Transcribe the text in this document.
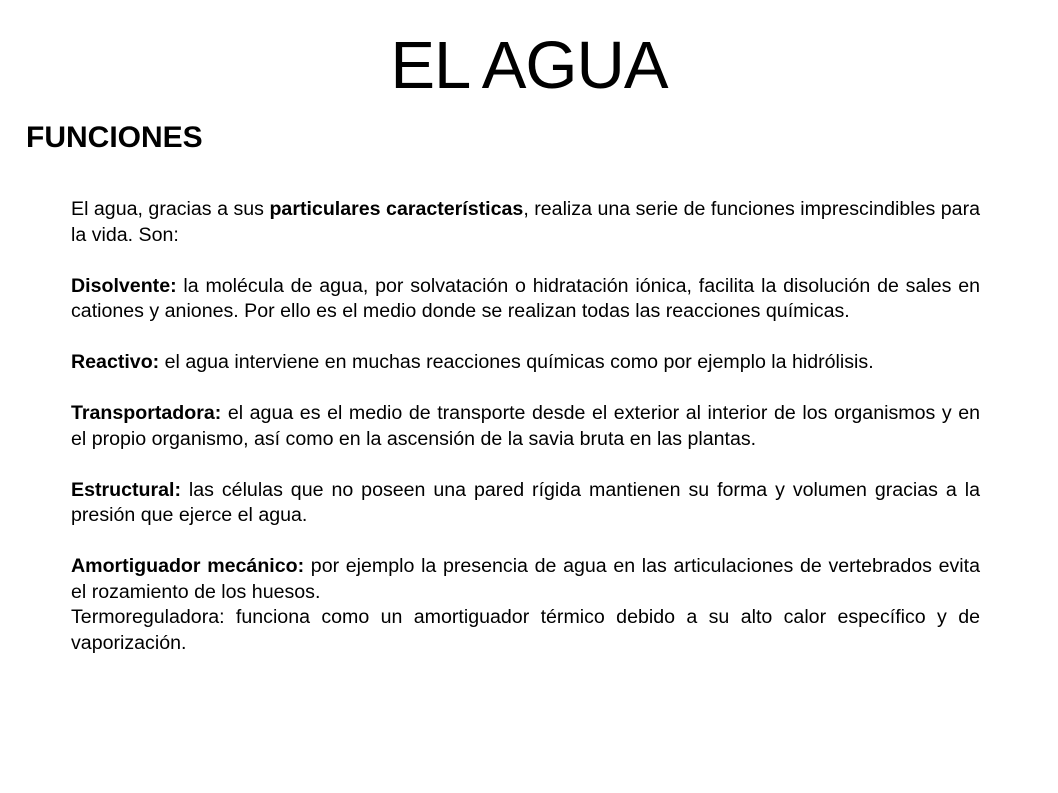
EL AGUA
FUNCIONES

El agua, gracias a sus particulares características, realiza una serie de funciones imprescindibles para la vida. Son:

Disolvente: la molécula de agua, por solvatación o hidratación iónica, facilita la disolución de sales en cationes y aniones. Por ello es el medio donde se realizan todas las reacciones químicas.

Reactivo: el agua interviene en muchas reacciones químicas como por ejemplo la hidrólisis.

Transportadora: el agua es el medio de transporte desde el exterior al interior de los organismos y en el propio organismo, así como en la ascensión de la savia bruta en las plantas.

Estructural: las células que no poseen una pared rígida mantienen su forma y volumen gracias a la presión que ejerce el agua.

Amortiguador mecánico: por ejemplo la presencia de agua en las articulaciones de vertebrados evita el rozamiento de los huesos.

Termoreguladora: funciona como un amortiguador térmico debido a su alto calor específico y de vaporización.
